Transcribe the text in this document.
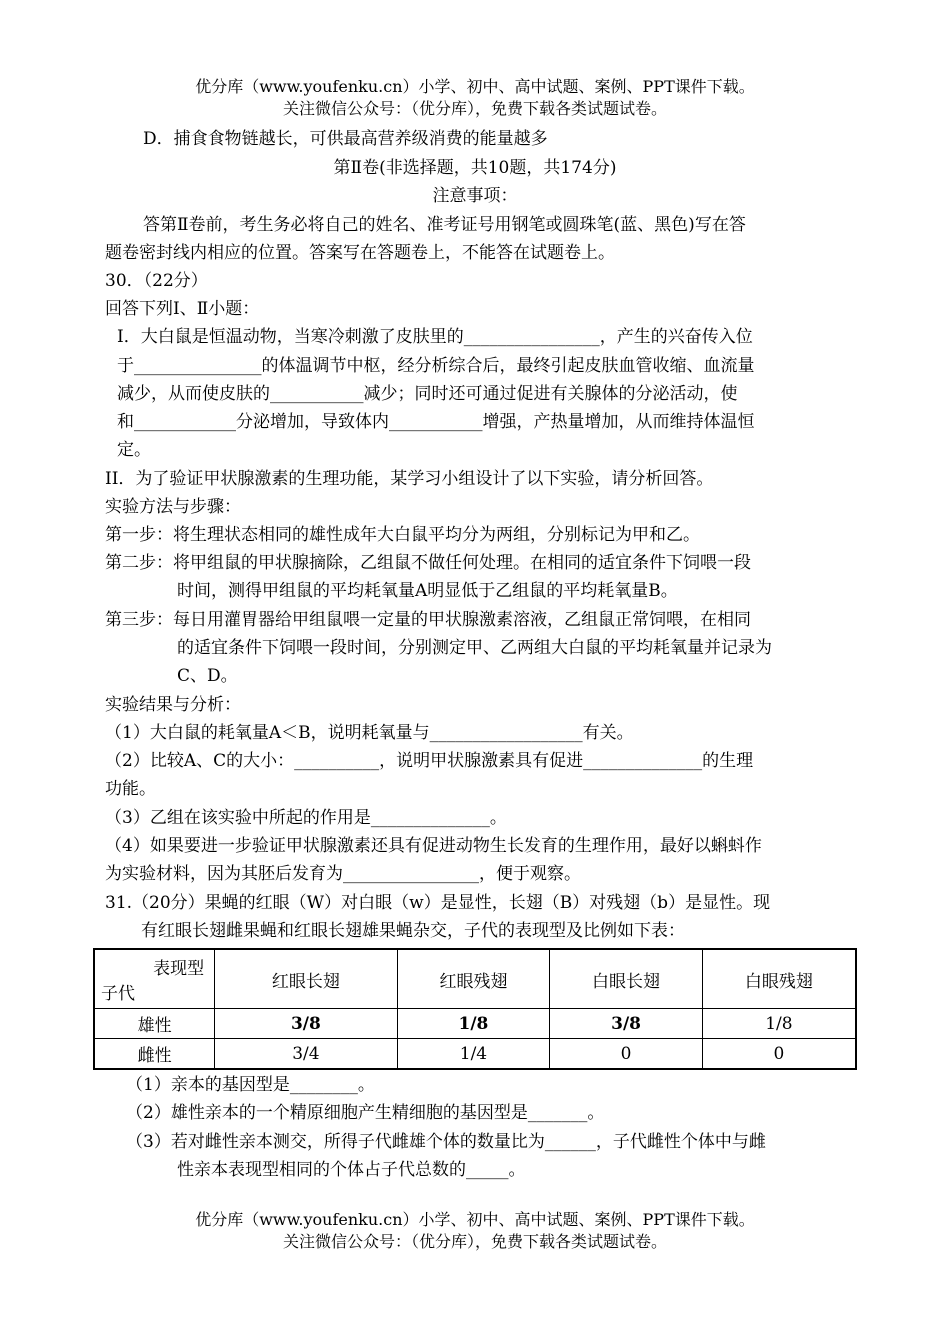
优分库（www.youfenku.cn）小学、初中、高中试题、案例、PPT课件下载。
关注微信公众号：（优分库），免费下载各类试题试卷。
D．捕食食物链越长，可供最高营养级消费的能量越多
第Ⅱ卷(非选择题，共10题，共174分)
注意事项：
答第Ⅱ卷前，考生务必将自己的姓名、准考证号用钢笔或圆珠笔(蓝、黑色)写在答
题卷密封线内相应的位置。答案写在答题卷上，不能答在试题卷上。
30．（22分）
回答下列Ⅰ、Ⅱ小题：
Ⅰ．大白鼠是恒温动物，当寒冷刺激了皮肤里的________________，产生的兴奋传入位
于_______________的体温调节中枢，经分析综合后，最终引起皮肤血管收缩、血流量
减少，从而使皮肤的___________减少；同时还可通过促进有关腺体的分泌活动，使
和____________分泌增加，导致体内___________增强，产热量增加，从而维持体温恒
定。
II．为了验证甲状腺激素的生理功能，某学习小组设计了以下实验，请分析回答。
实验方法与步骤：
第一步：将生理状态相同的雄性成年大白鼠平均分为两组，分别标记为甲和乙。
第二步：将甲组鼠的甲状腺摘除，乙组鼠不做任何处理。在相同的适宜条件下饲喂一段
时间，测得甲组鼠的平均耗氧量A明显低于乙组鼠的平均耗氧量B。
第三步：每日用灌胃器给甲组鼠喂一定量的甲状腺激素溶液，乙组鼠正常饲喂，在相同
的适宜条件下饲喂一段时间，分别测定甲、乙两组大白鼠的平均耗氧量并记录为
C、D。
实验结果与分析：
（1）大白鼠的耗氧量A＜B，说明耗氧量与__________________有关。
（2）比较A、C的大小：__________，说明甲状腺激素具有促进______________的生理
功能。
（3）乙组在该实验中所起的作用是______________。
（4）如果要进一步验证甲状腺激素还具有促进动物生长发育的生理作用，最好以蝌蚪作
为实验材料，因为其胚后发育为________________，便于观察。
31.（20分）果蝇的红眼（W）对白眼（w）是显性，长翅（B）对残翅（b）是显性。现
有红眼长翅雌果蝇和红眼长翅雄果蝇杂交，子代的表现型及比例如下表：
表现型
子代	红眼长翅	红眼残翅	白眼长翅	白眼残翅
雄性	3/8	1/8	3/8	1/8
雌性	3/4	1/4	0	0
（1）亲本的基因型是________。
（2）雄性亲本的一个精原细胞产生精细胞的基因型是_______。
（3）若对雌性亲本测交，所得子代雌雄个体的数量比为______，子代雌性个体中与雌
性亲本表现型相同的个体占子代总数的_____。
优分库（www.youfenku.cn）小学、初中、高中试题、案例、PPT课件下载。
关注微信公众号：（优分库），免费下载各类试题试卷。
